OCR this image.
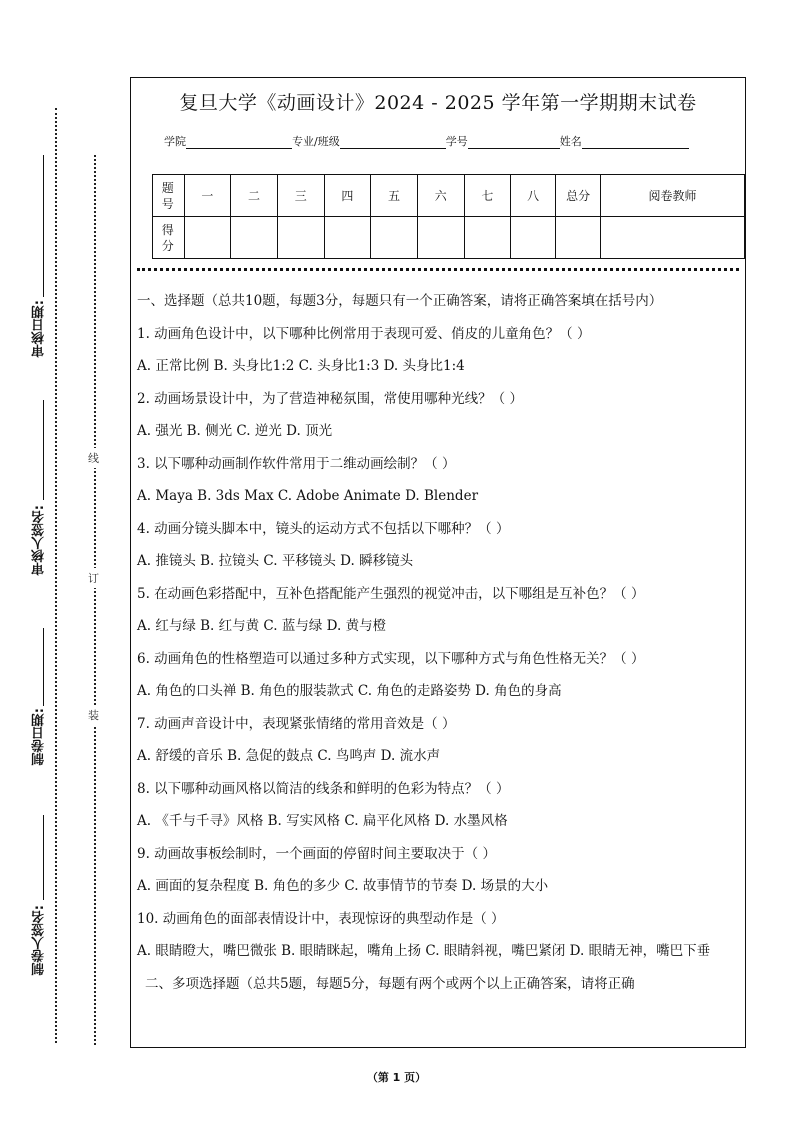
线
订
装
审核日期:
审核人签名:
制卷日期:
制卷人签名:
复旦大学《动画设计》2024 - 2025 学年第一学期期末试卷
学院	专业/班级	学号	姓名
题号	一	二	三	四	五	六	七	八	总分	阅卷教师
得分										

一、选择题（总共10题，每题3分，每题只有一个正确答案，请将正确答案填在括号内）

1. 动画角色设计中，以下哪种比例常用于表现可爱、俏皮的儿童角色？（ ）

A. 正常比例 B. 头身比1:2 C. 头身比1:3 D. 头身比1:4

2. 动画场景设计中，为了营造神秘氛围，常使用哪种光线？（ ）

A. 强光 B. 侧光 C. 逆光 D. 顶光

3. 以下哪种动画制作软件常用于二维动画绘制？（ ）

A. Maya B. 3ds Max C. Adobe Animate D. Blender

4. 动画分镜头脚本中，镜头的运动方式不包括以下哪种？（ ）

A. 推镜头 B. 拉镜头 C. 平移镜头 D. 瞬移镜头

5. 在动画色彩搭配中，互补色搭配能产生强烈的视觉冲击，以下哪组是互补色？（ ）

A. 红与绿 B. 红与黄 C. 蓝与绿 D. 黄与橙

6. 动画角色的性格塑造可以通过多种方式实现，以下哪种方式与角色性格无关？（ ）

A. 角色的口头禅 B. 角色的服装款式 C. 角色的走路姿势 D. 角色的身高

7. 动画声音设计中，表现紧张情绪的常用音效是（ ）

A. 舒缓的音乐 B. 急促的鼓点 C. 鸟鸣声 D. 流水声

8. 以下哪种动画风格以简洁的线条和鲜明的色彩为特点？（ ）

A. 《千与千寻》风格 B. 写实风格 C. 扁平化风格 D. 水墨风格

9. 动画故事板绘制时，一个画面的停留时间主要取决于（ ）

A. 画面的复杂程度 B. 角色的多少 C. 故事情节的节奏 D. 场景的大小

10. 动画角色的面部表情设计中，表现惊讶的典型动作是（ ）

A. 眼睛瞪大，嘴巴微张 B. 眼睛眯起，嘴角上扬 C. 眼睛斜视，嘴巴紧闭 D. 眼睛无神，嘴巴下垂

二、多项选择题（总共5题，每题5分，每题有两个或两个以上正确答案，请将正确

（第 1 页）
